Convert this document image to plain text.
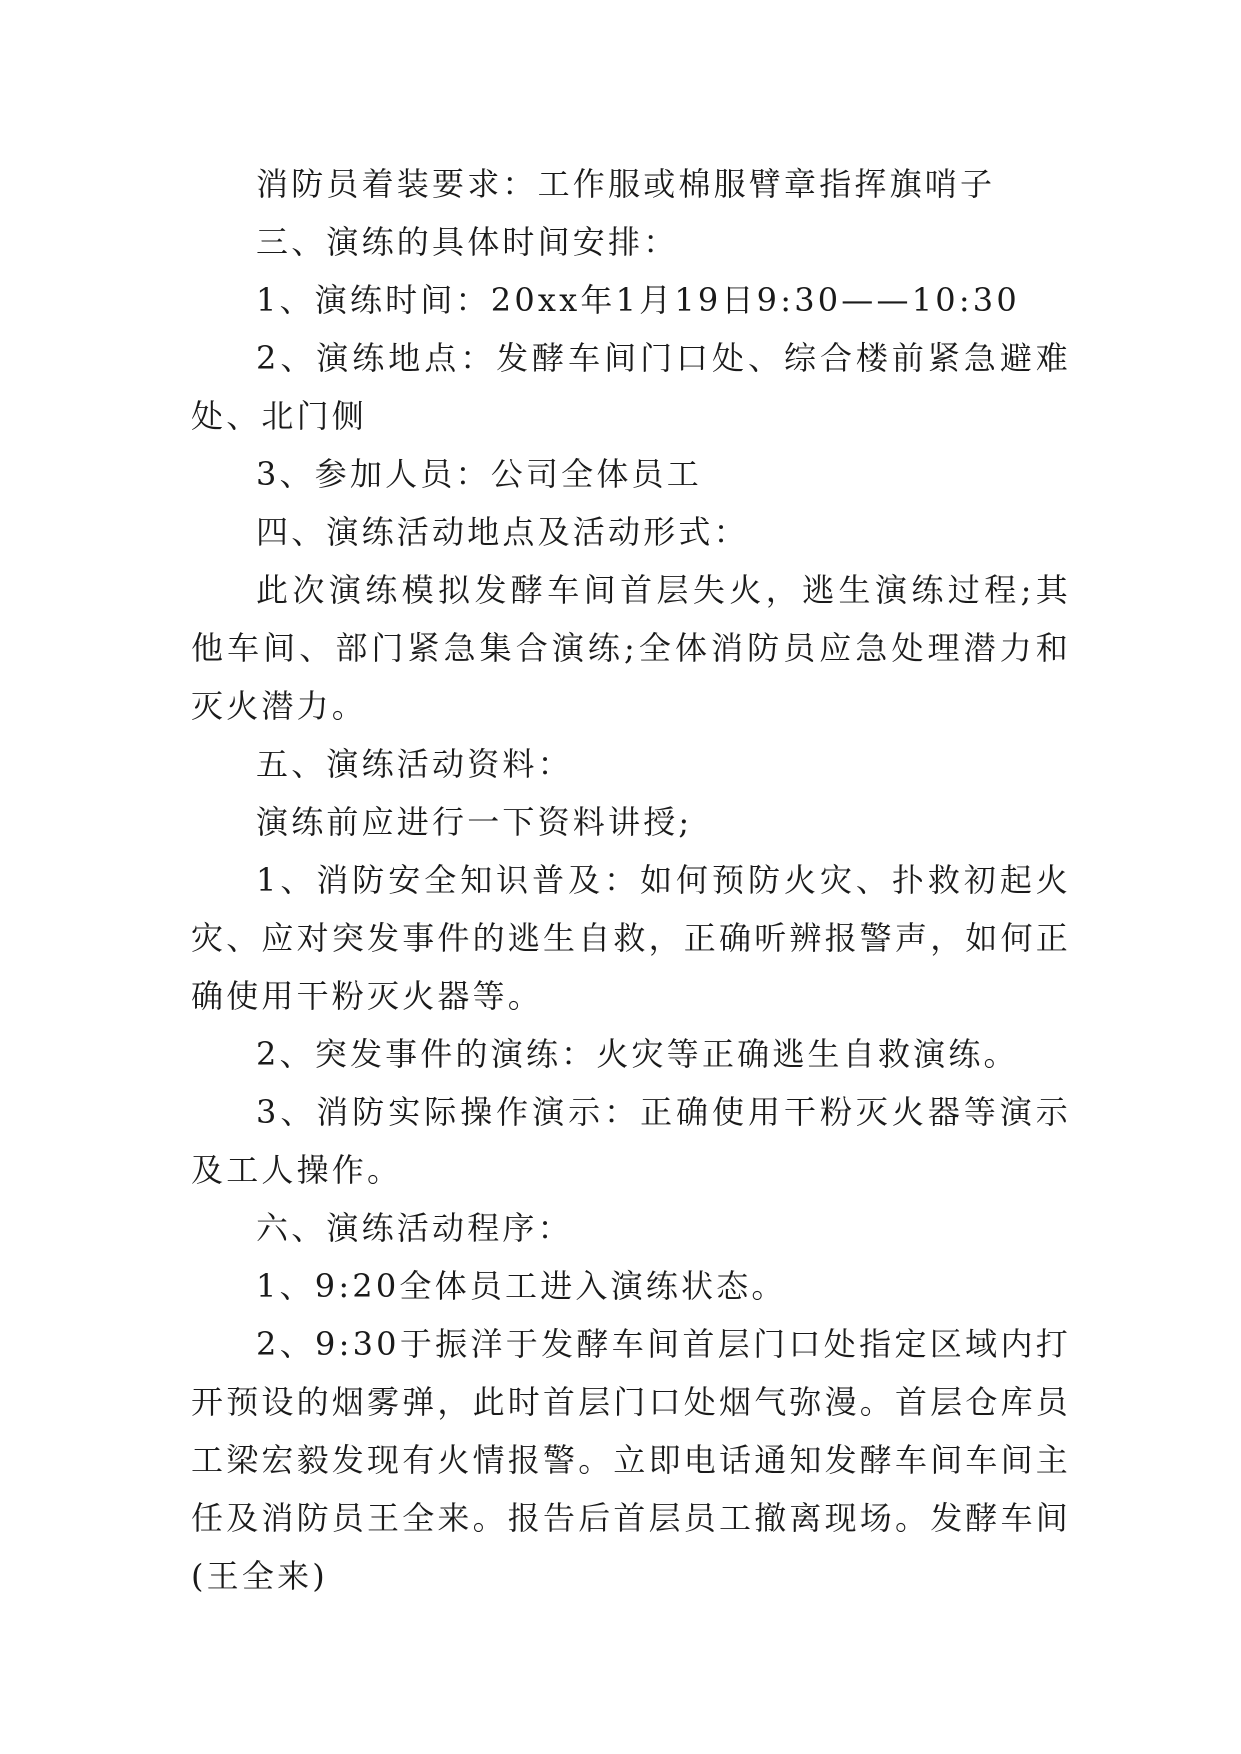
消防员着装要求：工作服或棉服臂章指挥旗哨子

三、演练的具体时间安排：

1、演练时间：20xx年1月19日9:30——10:30

2、演练地点：发酵车间门口处、综合楼前紧急避难处、北门侧

3、参加人员：公司全体员工

四、演练活动地点及活动形式：

此次演练模拟发酵车间首层失火，逃生演练过程;其他车间、部门紧急集合演练;全体消防员应急处理潜力和灭火潜力。

五、演练活动资料：

演练前应进行一下资料讲授;

1、消防安全知识普及：如何预防火灾、扑救初起火灾、应对突发事件的逃生自救，正确听辨报警声，如何正确使用干粉灭火器等。

2、突发事件的演练：火灾等正确逃生自救演练。

3、消防实际操作演示：正确使用干粉灭火器等演示及工人操作。

六、演练活动程序：

1、9:20全体员工进入演练状态。

2、9:30于振洋于发酵车间首层门口处指定区域内打开预设的烟雾弹，此时首层门口处烟气弥漫。首层仓库员工梁宏毅发现有火情报警。立即电话通知发酵车间车间主任及消防员王全来。报告后首层员工撤离现场。发酵车间(王全来)
